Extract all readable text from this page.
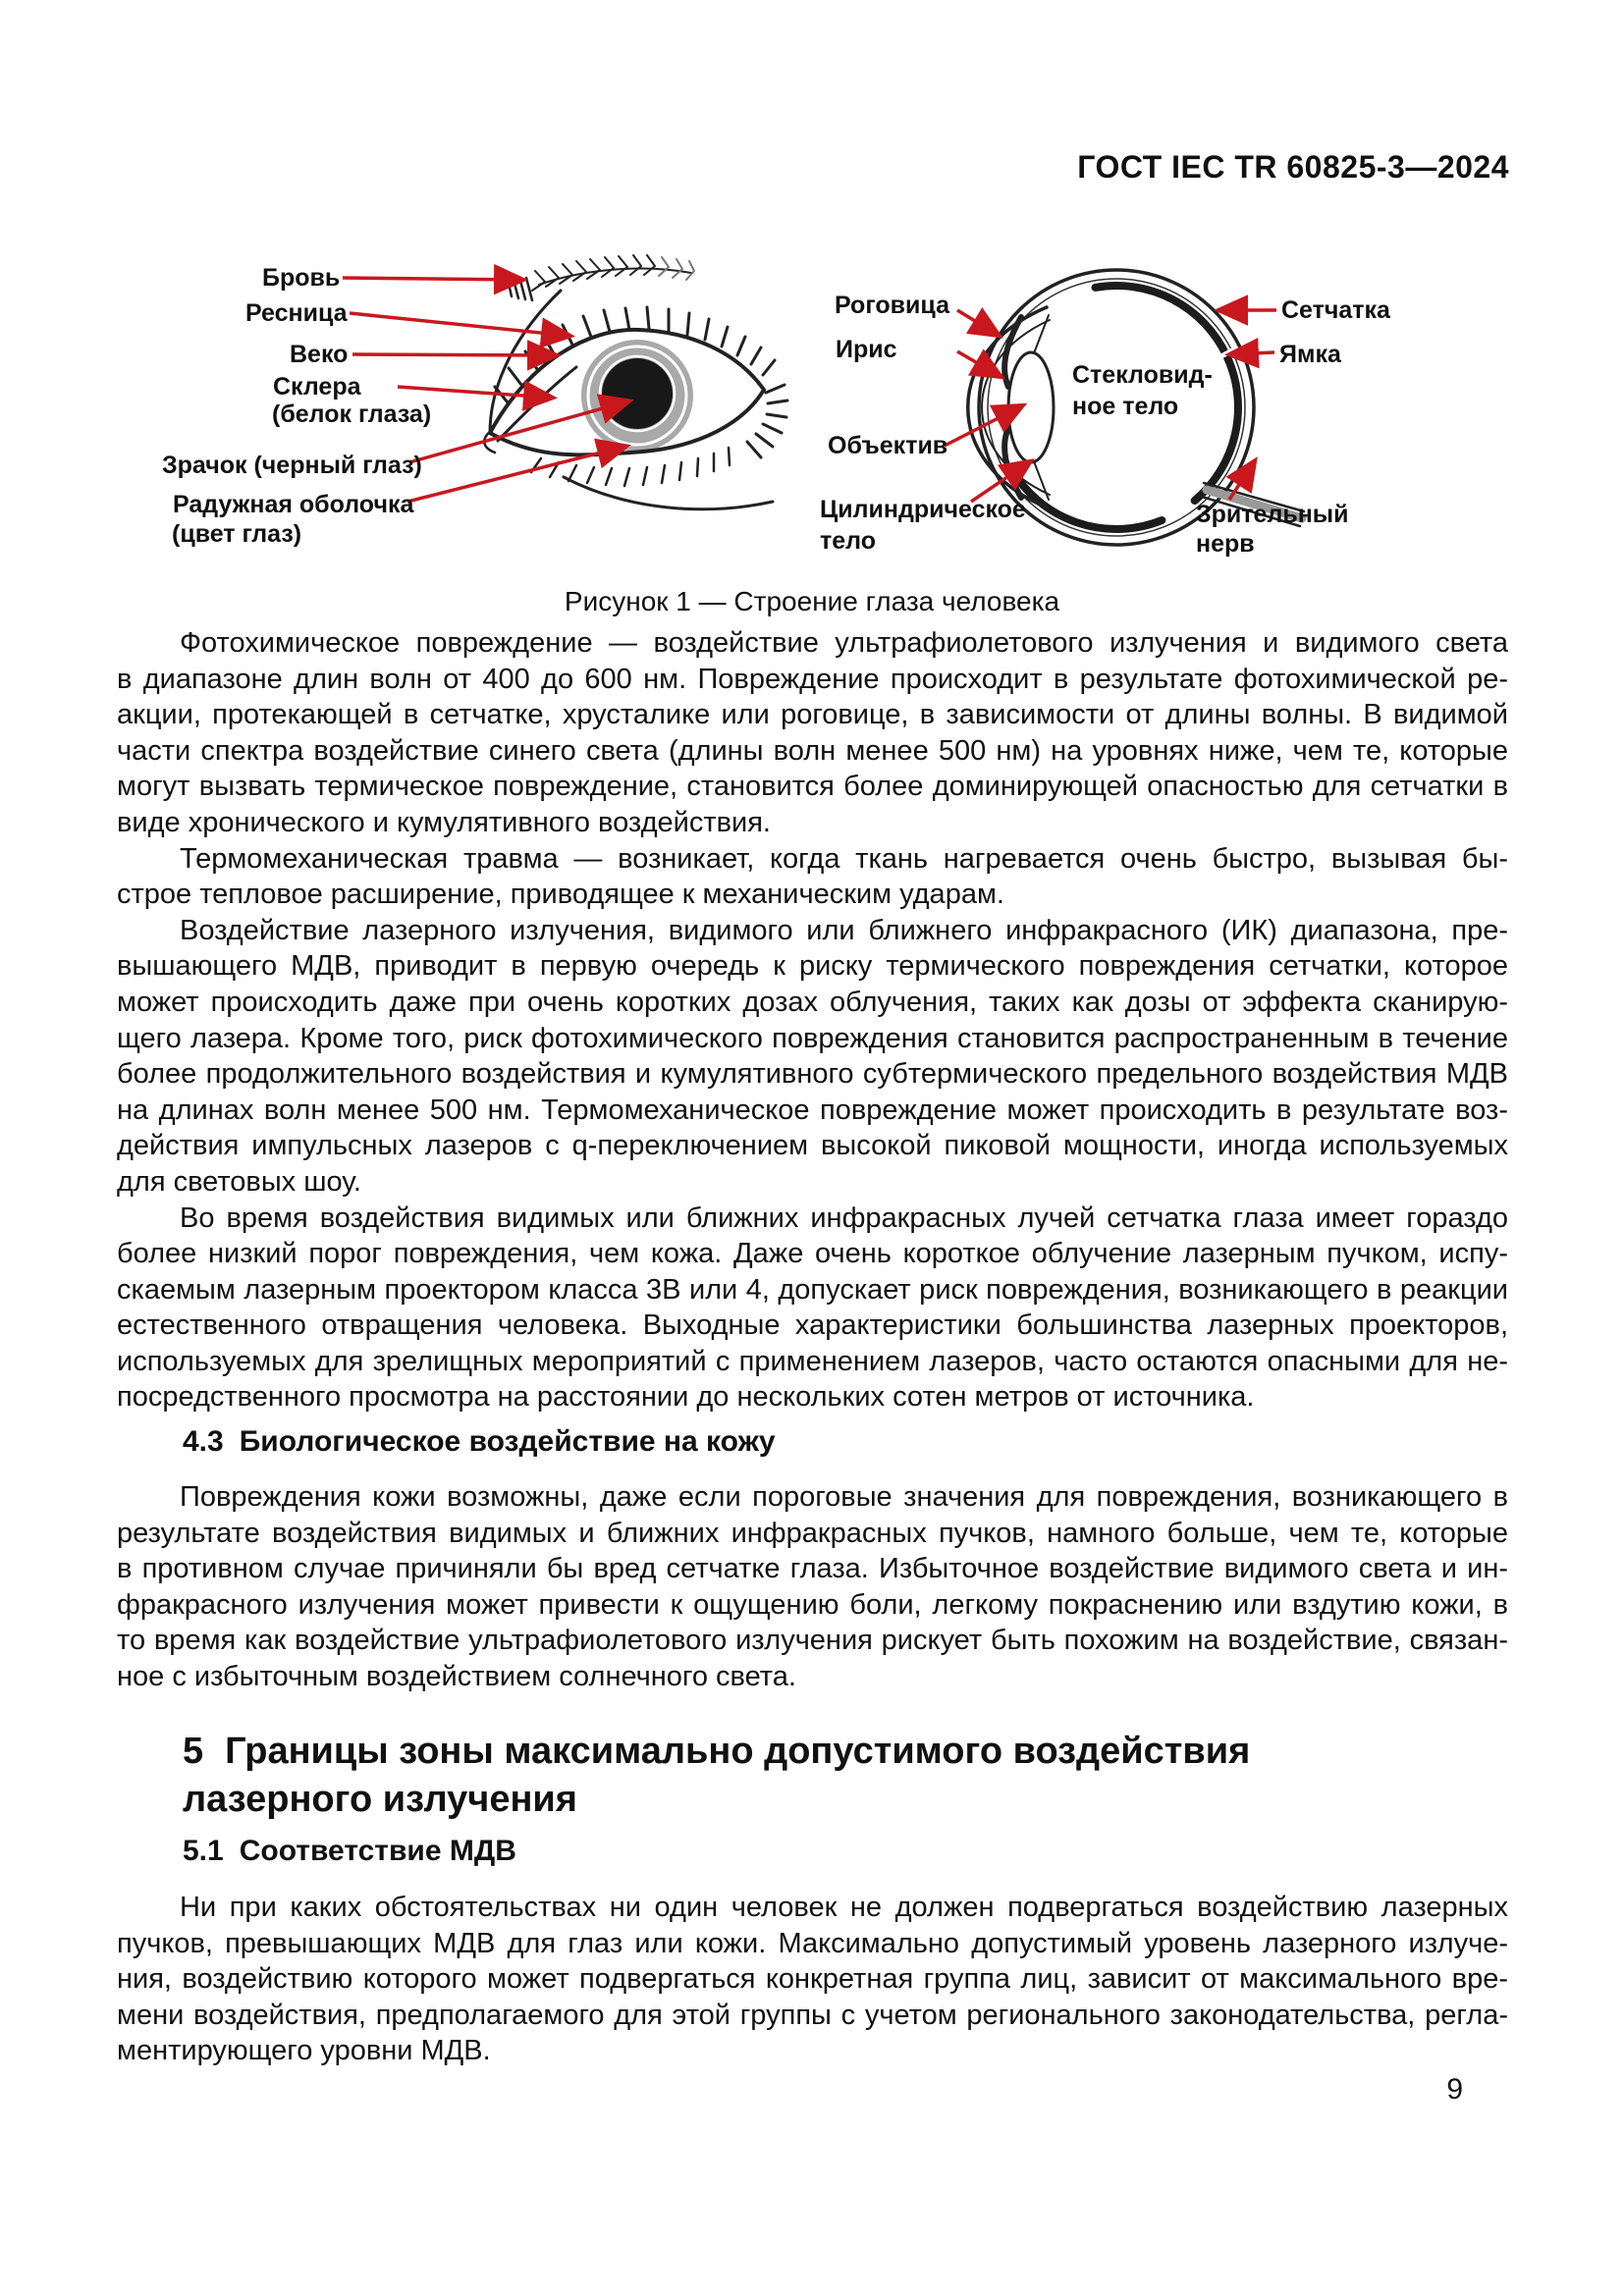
ГОСТ IEC TR 60825-3—2024
Бровь
Ресница
Веко
Склера
(белок глаза)
Зрачок (черный глаз)
Радужная оболочка
(цвет глаз)
Роговица
Ирис
Объектив
Цилиндрическое
тело
Стекловид-
ное тело
Сетчатка
Ямка
Зрительный
нерв
Рисунок 1 — Строение глаза человека
Фотохимическое повреждение — воздействие ультрафиолетового излучения и видимого света
в диапазоне длин волн от 400 до 600 нм. Повреждение происходит в результате фотохимической ре-
акции, протекающей в сетчатке, хрусталике или роговице, в зависимости от длины волны. В видимой
части спектра воздействие синего света (длины волн менее 500 нм) на уровнях ниже, чем те, которые
могут вызвать термическое повреждение, становится более доминирующей опасностью для сетчатки в
виде хронического и кумулятивного воздействия.
Термомеханическая травма — возникает, когда ткань нагревается очень быстро, вызывая бы-
строе тепловое расширение, приводящее к механическим ударам.
Воздействие лазерного излучения, видимого или ближнего инфракрасного (ИК) диапазона, пре-
вышающего МДВ, приводит в первую очередь к риску термического повреждения сетчатки, которое
может происходить даже при очень коротких дозах облучения, таких как дозы от эффекта сканирую-
щего лазера. Кроме того, риск фотохимического повреждения становится распространенным в течение
более продолжительного воздействия и кумулятивного субтермического предельного воздействия МДВ
на длинах волн менее 500 нм. Термомеханическое повреждение может происходить в результате воз-
действия импульсных лазеров с q-переключением высокой пиковой мощности, иногда используемых
для световых шоу.
Во время воздействия видимых или ближних инфракрасных лучей сетчатка глаза имеет гораздо
более низкий порог повреждения, чем кожа. Даже очень короткое облучение лазерным пучком, испу-
скаемым лазерным проектором класса 3В или 4, допускает риск повреждения, возникающего в реакции
естественного отвращения человека. Выходные характеристики большинства лазерных проекторов,
используемых для зрелищных мероприятий с применением лазеров, часто остаются опасными для не-
посредственного просмотра на расстоянии до нескольких сотен метров от источника.
4.3 Биологическое воздействие на кожу
Повреждения кожи возможны, даже если пороговые значения для повреждения, возникающего в
результате воздействия видимых и ближних инфракрасных пучков, намного больше, чем те, которые
в противном случае причиняли бы вред сетчатке глаза. Избыточное воздействие видимого света и ин-
фракрасного излучения может привести к ощущению боли, легкому покраснению или вздутию кожи, в
то время как воздействие ультрафиолетового излучения рискует быть похожим на воздействие, связан-
ное с избыточным воздействием солнечного света.
5 Границы зоны максимально допустимого воздействия
лазерного излучения
5.1 Соответствие МДВ
Ни при каких обстоятельствах ни один человек не должен подвергаться воздействию лазерных
пучков, превышающих МДВ для глаз или кожи. Максимально допустимый уровень лазерного излуче-
ния, воздействию которого может подвергаться конкретная группа лиц, зависит от максимального вре-
мени воздействия, предполагаемого для этой группы с учетом регионального законодательства, регла-
ментирующего уровни МДВ.
9
